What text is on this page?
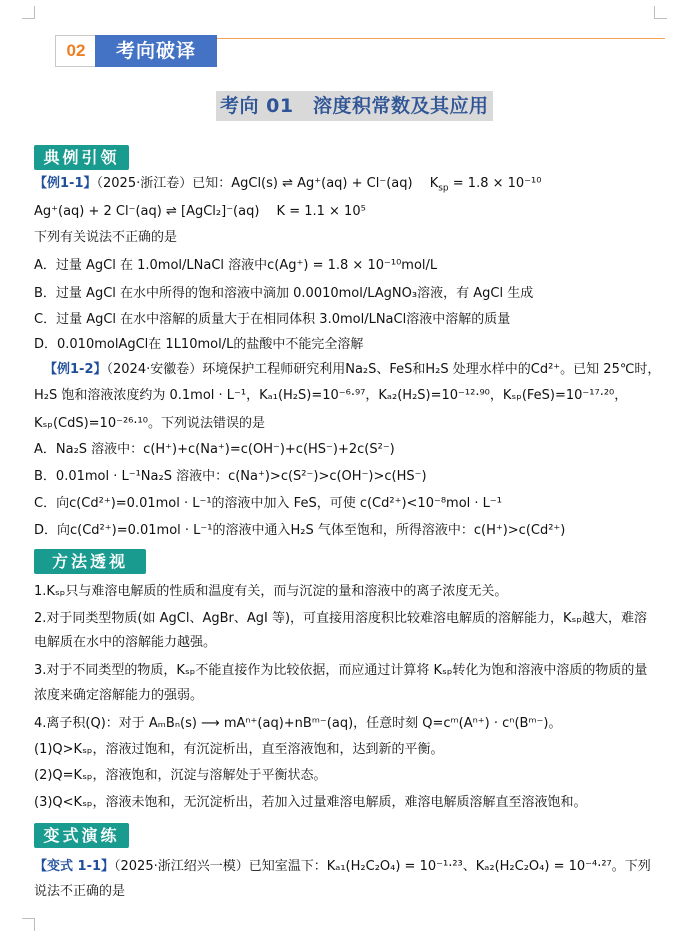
02	考向破译
考向 01　溶度积常数及其应用
典例引领
【例1-1】（2025·浙江卷）已知：AgCl(s) ⇌ Ag⁺(aq) + Cl⁻(aq)　 $K_{sp} = 1.8 \times 10^{-10}$
Ag⁺(aq) + 2 Cl⁻(aq) ⇌ [AgCl₂]⁻(aq)　 K = 1.1 × 10⁵
下列有关说法不正确的是
A．过量 AgCl 在 1.0mol/LNaCl 溶液中c(Ag⁺) = 1.8 × 10⁻¹⁰mol/L
B．过量 AgCl 在水中所得的饱和溶液中滴加 0.0010mol/LAgNO₃溶液，有 AgCl 生成
C．过量 AgCl 在水中溶解的质量大于在相同体积 3.0mol/LNaCl溶液中溶解的质量
D．0.010molAgCl在 1L10mol/L的盐酸中不能完全溶解
【例1-2】（2024·安徽卷）环境保护工程师研究利用Na₂S、FeS和H₂S 处理水样中的Cd²⁺。已知 25℃时，
H₂S 饱和溶液浓度约为 0.1mol · L⁻¹，Kₐ₁(H₂S)=10⁻⁶·⁹⁷，Kₐ₂(H₂S)=10⁻¹²·⁹⁰，Kₛₚ(FeS)=10⁻¹⁷·²⁰，
Kₛₚ(CdS)=10⁻²⁶·¹⁰。下列说法错误的是
A．Na₂S 溶液中：c(H⁺)+c(Na⁺)=c(OH⁻)+c(HS⁻)+2c(S²⁻)
B．0.01mol · L⁻¹Na₂S 溶液中：c(Na⁺)>c(S²⁻)>c(OH⁻)>c(HS⁻)
C．向c(Cd²⁺)=0.01mol · L⁻¹的溶液中加入 FeS，可使 c(Cd²⁺)<10⁻⁸mol · L⁻¹
D．向c(Cd²⁺)=0.01mol · L⁻¹的溶液中通入H₂S 气体至饱和，所得溶液中：c(H⁺)>c(Cd²⁺)
方法透视
1.Kₛₚ只与难溶电解质的性质和温度有关，而与沉淀的量和溶液中的离子浓度无关。
2.对于同类型物质(如 AgCl、AgBr、AgI 等)，可直接用溶度积比较难溶电解质的溶解能力，Kₛₚ越大，难溶
电解质在水中的溶解能力越强。
3.对于不同类型的物质，Kₛₚ不能直接作为比较依据，而应通过计算将 Kₛₚ转化为饱和溶液中溶质的物质的量
浓度来确定溶解能力的强弱。
4.离子积(Q)：对于 AₘBₙ(s) ⟶ mAⁿ⁺(aq)+nBᵐ⁻(aq)，任意时刻 Q=cᵐ(Aⁿ⁺) · cⁿ(Bᵐ⁻)。
(1)Q>Kₛₚ，溶液过饱和，有沉淀析出，直至溶液饱和，达到新的平衡。
(2)Q=Kₛₚ，溶液饱和，沉淀与溶解处于平衡状态。
(3)Q<Kₛₚ，溶液未饱和，无沉淀析出，若加入过量难溶电解质，难溶电解质溶解直至溶液饱和。
变式演练
【变式 1-1】（2025·浙江绍兴一模）已知室温下：Kₐ₁(H₂C₂O₄) = 10⁻¹·²³、Kₐ₂(H₂C₂O₄) = 10⁻⁴·²⁷。下列
说法不正确的是
